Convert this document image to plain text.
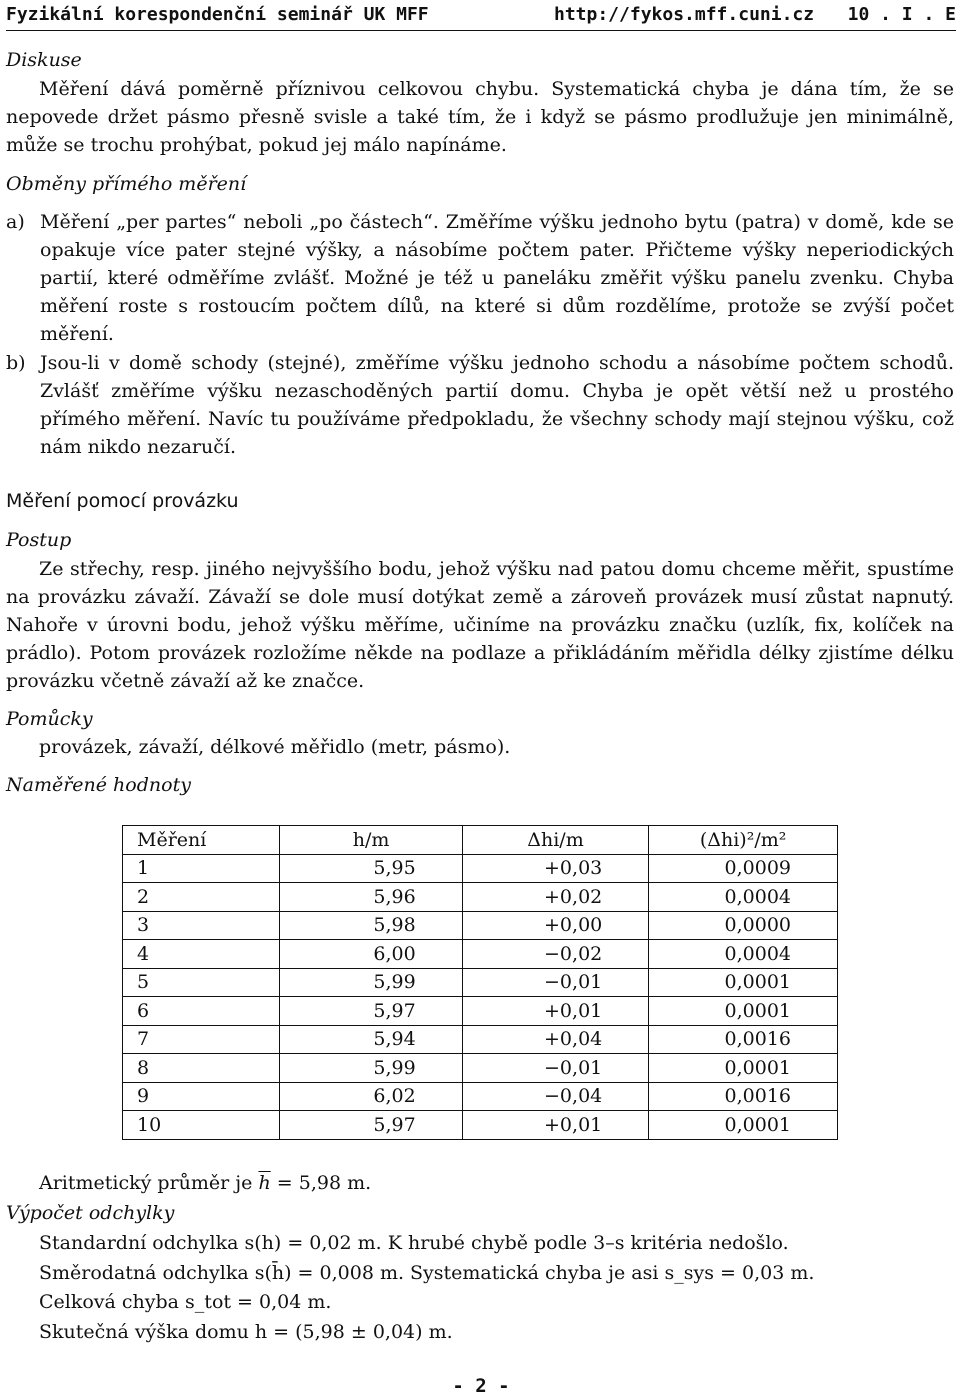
Fyzikální korespondenční seminář UK MFF	http://fykos.mff.cuni.cz 10 . I . E
Diskuse
Měření dává poměrně příznivou celkovou chybu. Systematická chyba je dána tím, že se nepovede držet pásmo přesně svisle a také tím, že i když se pásmo prodlužuje jen minimálně, může se trochu prohýbat, pokud jej málo napínáme.
Obměny přímého měření
a) Měření „per partes“ neboli „po částech“. Změříme výšku jednoho bytu (patra) v domě, kde se opakuje více pater stejné výšky, a násobíme počtem pater. Přičteme výšky neperiodických partií, které odměříme zvlášť. Možné je též u paneláku změřit výšku panelu zvenku. Chyba měření roste s rostoucím počtem dílů, na které si dům rozdělíme, protože se zvýší počet měření.
b) Jsou-li v domě schody (stejné), změříme výšku jednoho schodu a násobíme počtem schodů. Zvlášť změříme výšku nezaschoděných partií domu. Chyba je opět větší než u prostého přímého měření. Navíc tu používáme předpokladu, že všechny schody mají stejnou výšku, což nám nikdo nezaručí.
Měření pomocí provázku
Postup
Ze střechy, resp. jiného nejvyššího bodu, jehož výšku nad patou domu chceme měřit, spustíme na provázku závaží. Závaží se dole musí dotýkat země a zároveň provázek musí zůstat napnutý. Nahoře v úrovni bodu, jehož výšku měříme, učiníme na provázku značku (uzlík, fix, kolíček na prádlo). Potom provázek rozložíme někde na podlaze a přikládáním měřidla délky zjistíme délku provázku včetně závaží až ke značce.
Pomůcky
provázek, závaží, délkové měřidlo (metr, pásmo).
Naměřené hodnoty
Měření	h/m	Δhi/m	(Δhi)²/m²
1	5,95	+0,03	0,0009
2	5,96	+0,02	0,0004
3	5,98	+0,00	0,0000
4	6,00	−0,02	0,0004
5	5,99	−0,01	0,0001
6	5,97	+0,01	0,0001
7	5,94	+0,04	0,0016
8	5,99	−0,01	0,0001
9	6,02	−0,04	0,0016
10	5,97	+0,01	0,0001
Aritmetický průměr je $\overline{h} = 5,98$ m.
Výpočet odchylky
Standardní odchylka s(h) = 0,02 m. K hrubé chybě podle 3–s kritéria nedošlo.
Směrodatná odchylka s(h̄) = 0,008 m. Systematická chyba je asi s_sys = 0,03 m.
Celková chyba s_tot = 0,04 m.
Skutečná výška domu h = (5,98 ± 0,04) m.
- 2 -
